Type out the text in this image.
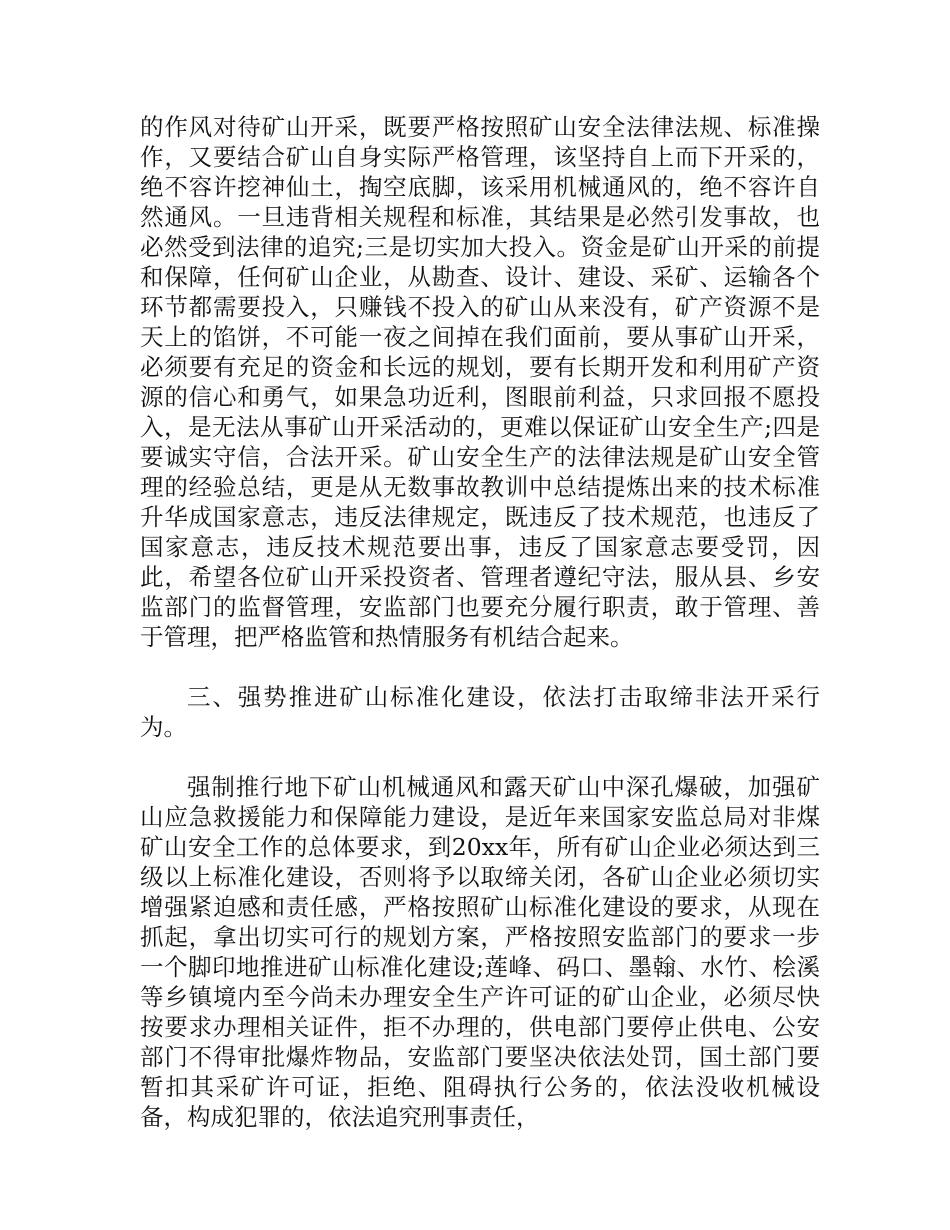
的作风对待矿山开采，既要严格按照矿山安全法律法规、标准操作，又要结合矿山自身实际严格管理，该坚持自上而下开采的，绝不容许挖神仙土，掏空底脚，该采用机械通风的，绝不容许自然通风。一旦违背相关规程和标准，其结果是必然引发事故，也必然受到法律的追究;三是切实加大投入。资金是矿山开采的前提和保障，任何矿山企业，从勘查、设计、建设、采矿、运输各个环节都需要投入，只赚钱不投入的矿山从来没有，矿产资源不是天上的馅饼，不可能一夜之间掉在我们面前，要从事矿山开采，必须要有充足的资金和长远的规划，要有长期开发和利用矿产资源的信心和勇气，如果急功近利，图眼前利益，只求回报不愿投入，是无法从事矿山开采活动的，更难以保证矿山安全生产;四是要诚实守信，合法开采。矿山安全生产的法律法规是矿山安全管理的经验总结，更是从无数事故教训中总结提炼出来的技术标准升华成国家意志，违反法律规定，既违反了技术规范，也违反了国家意志，违反技术规范要出事，违反了国家意志要受罚，因此，希望各位矿山开采投资者、管理者遵纪守法，服从县、乡安监部门的监督管理，安监部门也要充分履行职责，敢于管理、善于管理，把严格监管和热情服务有机结合起来。

三、强势推进矿山标准化建设，依法打击取缔非法开采行为。

强制推行地下矿山机械通风和露天矿山中深孔爆破，加强矿山应急救援能力和保障能力建设，是近年来国家安监总局对非煤矿山安全工作的总体要求，到20xx年，所有矿山企业必须达到三级以上标准化建设，否则将予以取缔关闭，各矿山企业必须切实增强紧迫感和责任感，严格按照矿山标准化建设的要求，从现在抓起，拿出切实可行的规划方案，严格按照安监部门的要求一步一个脚印地推进矿山标准化建设;莲峰、码口、墨翰、水竹、桧溪等乡镇境内至今尚未办理安全生产许可证的矿山企业，必须尽快按要求办理相关证件，拒不办理的，供电部门要停止供电、公安部门不得审批爆炸物品，安监部门要坚决依法处罚，国土部门要暂扣其采矿许可证，拒绝、阻碍执行公务的，依法没收机械设备，构成犯罪的，依法追究刑事责任，
